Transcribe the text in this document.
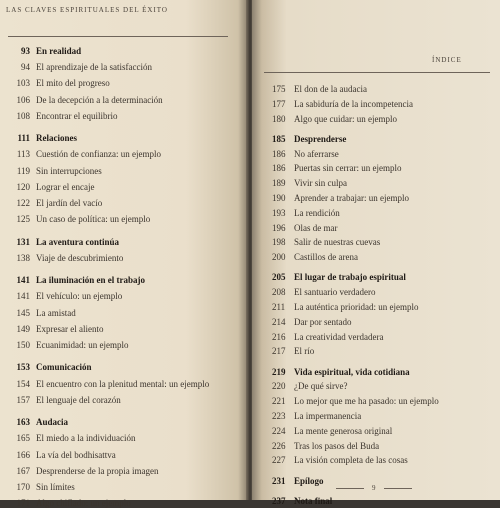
LAS CLAVES ESPIRITUALES DEL ÉXITO
93 En realidad
94 El aprendizaje de la satisfacción
103 El mito del progreso
106 De la decepción a la determinación
108 Encontrar el equilibrio
111 Relaciones
113 Cuestión de confianza: un ejemplo
119 Sin interrupciones
120 Lograr el encaje
122 El jardín del vacío
125 Un caso de política: un ejemplo
131 La aventura continúa
138 Viaje de descubrimiento
141 La iluminación en el trabajo
141 El vehículo: un ejemplo
145 La amistad
149 Expresar el aliento
150 Ecuanimidad: un ejemplo
153 Comunicación
154 El encuentro con la plenitud mental: un ejemplo
157 El lenguaje del corazón
163 Audacia
165 El miedo a la individuación
166 La vía del bodhisattva
167 Desprenderse de la propia imagen
170 Sin límites
171 Algo chiflado: un ejemplo
ÍNDICE
175 El don de la audacia
177 La sabiduría de la incompetencia
180 Algo que cuidar: un ejemplo
185 Desprenderse
186 No aferrarse
186 Puertas sin cerrar: un ejemplo
189 Vivir sin culpa
190 Aprender a trabajar: un ejemplo
193 La rendición
196 Olas de mar
198 Salir de nuestras cuevas
200 Castillos de arena
205 El lugar de trabajo espiritual
208 El santuario verdadero
211 La auténtica prioridad: un ejemplo
214 Dar por sentado
216 La creatividad verdadera
217 El río
219 Vida espiritual, vida cotidiana
220 ¿De qué sirve?
221 Lo mejor que me ha pasado: un ejemplo
223 La impermanencia
224 La mente generosa original
226 Tras los pasos del Buda
227 La visión completa de las cosas
231 Epílogo
237 Nota final
9
